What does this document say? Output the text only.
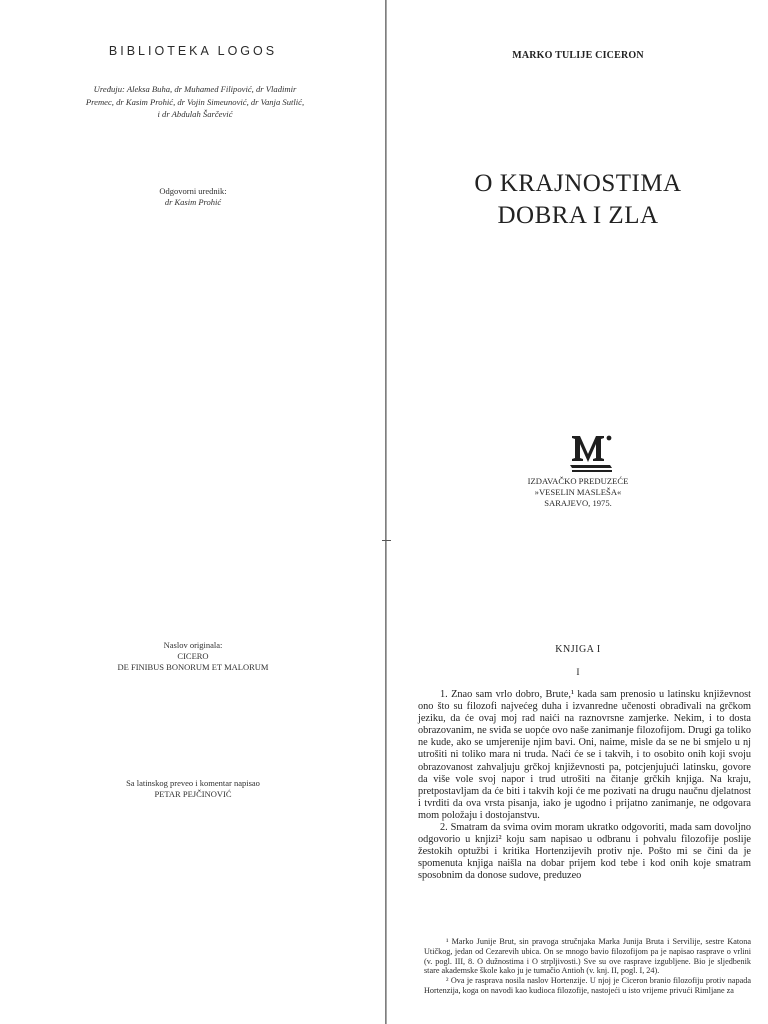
BIBLIOTEKA LOGOS
Uređuju: Aleksa Buha, dr Muhamed Filipović, dr Vladimir
Premec, dr Kasim Prohić, dr Vojin Simeunović, dr Vanja Sutlić,
i dr Abdulah Šarčević
Odgovorni urednik:
dr Kasim Prohić
Naslov originala:
CICERO
DE FINIBUS BONORUM ET MALORUM
Sa latinskog preveo i komentar napisao
PETAR PEJČINOVIĆ
MARKO TULIJE CICERON
O KRAJNOSTIMA
DOBRA I ZLA
IZDAVAČKO PREDUZEĆE
»VESELIN MASLEŠA«
SARAJEVO, 1975.
KNJIGA I
I

1. Znao sam vrlo dobro, Brute,¹ kada sam prenosio u latinsku književnost ono što su filozofi najvećeg duha i izvanredne učenosti obrađivali na grčkom jeziku, da će ovaj moj rad naići na raznovrsne zamjerke. Nekim, i to dosta obrazovanim, ne sviđa se uopće ovo naše zanimanje filozofijom. Drugi ga toliko ne kude, ako se umjerenije njim bavi. Oni, naime, misle da se ne bi smjelo u nj utrošiti ni toliko mara ni truda. Naći će se i takvih, i to osobito onih koji svoju obrazovanost zahvaljuju grčkoj književnosti pa, potcjenjujući latinsku, govore da više vole svoj napor i trud utrošiti na čitanje grčkih knjiga. Na kraju, pretpostavljam da će biti i takvih koji će me pozivati na drugu naučnu djelatnost i tvrditi da ova vrsta pisanja, iako je ugodno i prijatno zanimanje, ne odgovara mom položaju i dostojanstvu.

2. Smatram da svima ovim moram ukratko odgovoriti, mada sam dovoljno odgovorio u knjizi² koju sam napisao u odbranu i pohvalu filozofije poslije žestokih optužbi i kritika Hortenzijevih protiv nje. Pošto mi se čini da je spomenuta knjiga naišla na dobar prijem kod tebe i kod onih koje smatram sposobnim da donose sudove, preduzeo

¹ Marko Junije Brut, sin pravoga stručnjaka Marka Junija Bruta i Servilije, sestre Katona Utičkog, jedan od Cezarevih ubica. On se mnogo bavio filozofijom pa je napisao rasprave o vrlini (v. pogl. III, 8. O dužnostima i O strpljivosti.) Sve su ove rasprave izgubljene. Bio je sljedbenik stare akademske škole kako ju je tumačio Antioh (v. knj. II, pogl. I, 24).

² Ova je rasprava nosila naslov Hortenzije. U njoj je Ciceron branio filozofiju protiv napada Hortenzija, koga on navodi kao kudioca filozofije, nastojeći u isto vrijeme privući Rimljane za
